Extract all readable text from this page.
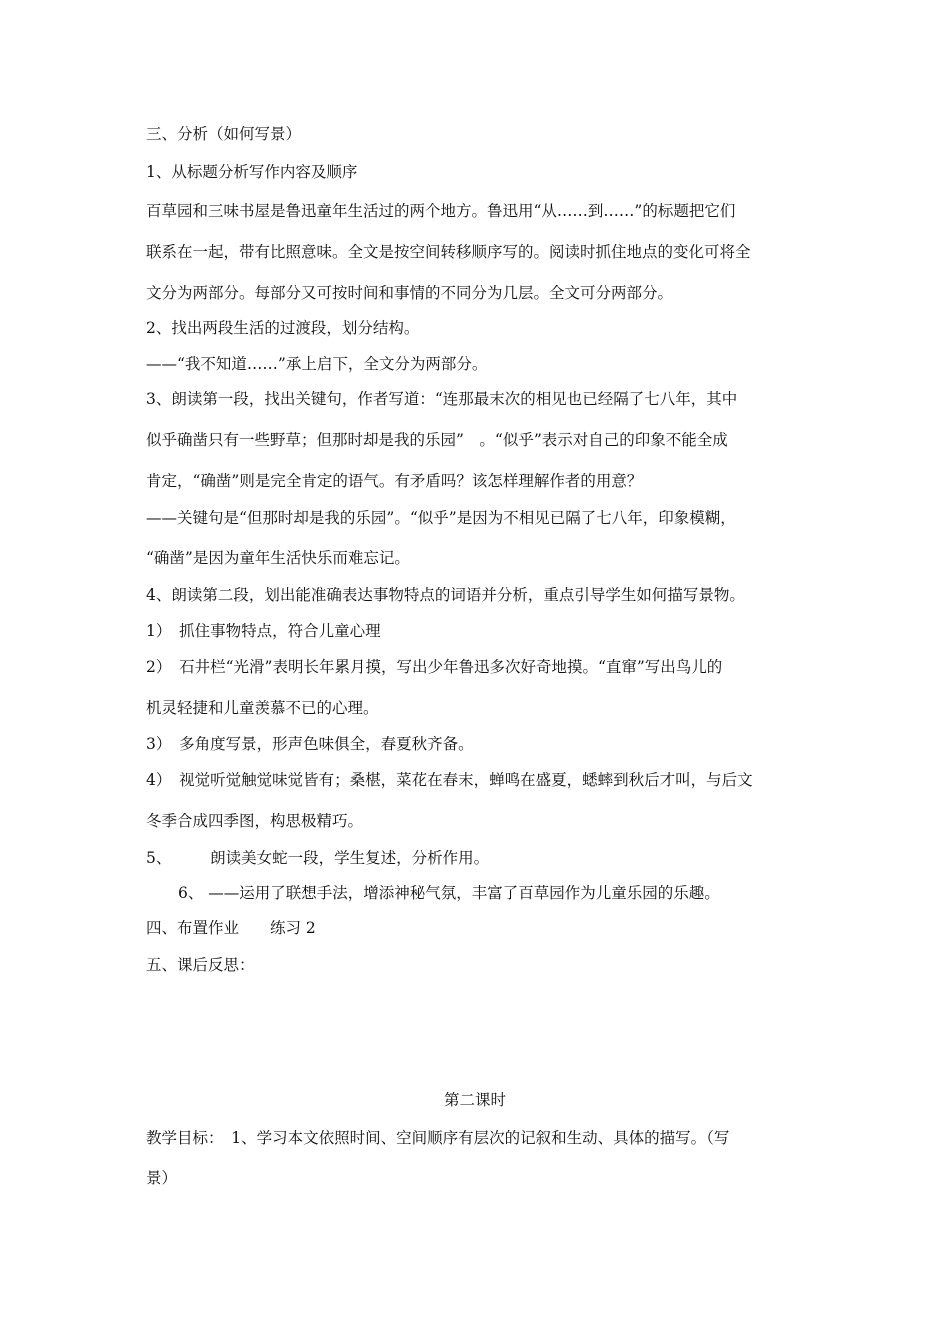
三、分析（如何写景）
1、从标题分析写作内容及顺序
百草园和三味书屋是鲁迅童年生活过的两个地方。鲁迅用“从……到……”的标题把它们
联系在一起，带有比照意味。全文是按空间转移顺序写的。阅读时抓住地点的变化可将全
文分为两部分。每部分又可按时间和事情的不同分为几层。全文可分两部分。
2、找出两段生活的过渡段，划分结构。
——“我不知道……”承上启下，全文分为两部分。
3、朗读第一段，找出关键句，作者写道：“连那最末次的相见也已经隔了七八年，其中
似乎确凿只有一些野草；但那时却是我的乐园”　。“似乎”表示对自己的印象不能全成
肯定，“确凿”则是完全肯定的语气。有矛盾吗？该怎样理解作者的用意？
——关键句是“但那时却是我的乐园”。“似乎”是因为不相见已隔了七八年，印象模糊，
“确凿”是因为童年生活快乐而难忘记。
4、朗读第二段，划出能准确表达事物特点的词语并分析，重点引导学生如何描写景物。
1）　抓住事物特点，符合儿童心理
2）　石井栏“光滑”表明长年累月摸，写出少年鲁迅多次好奇地摸。“直窜”写出鸟儿的
机灵轻捷和儿童羡慕不已的心理。
3）　多角度写景，形声色味俱全，春夏秋齐备。
4）　视觉听觉触觉味觉皆有；桑椹，菜花在春末，蝉鸣在盛夏，蟋蟀到秋后才叫，与后文
冬季合成四季图，构思极精巧。
5、　　　朗读美女蛇一段，学生复述，分析作用。
6、 ——运用了联想手法，增添神秘气氛，丰富了百草园作为儿童乐园的乐趣。
四、布置作业　　练习 2
五、课后反思：
第二课时
教学目标：　1、学习本文依照时间、空间顺序有层次的记叙和生动、具体的描写。（写
景）
